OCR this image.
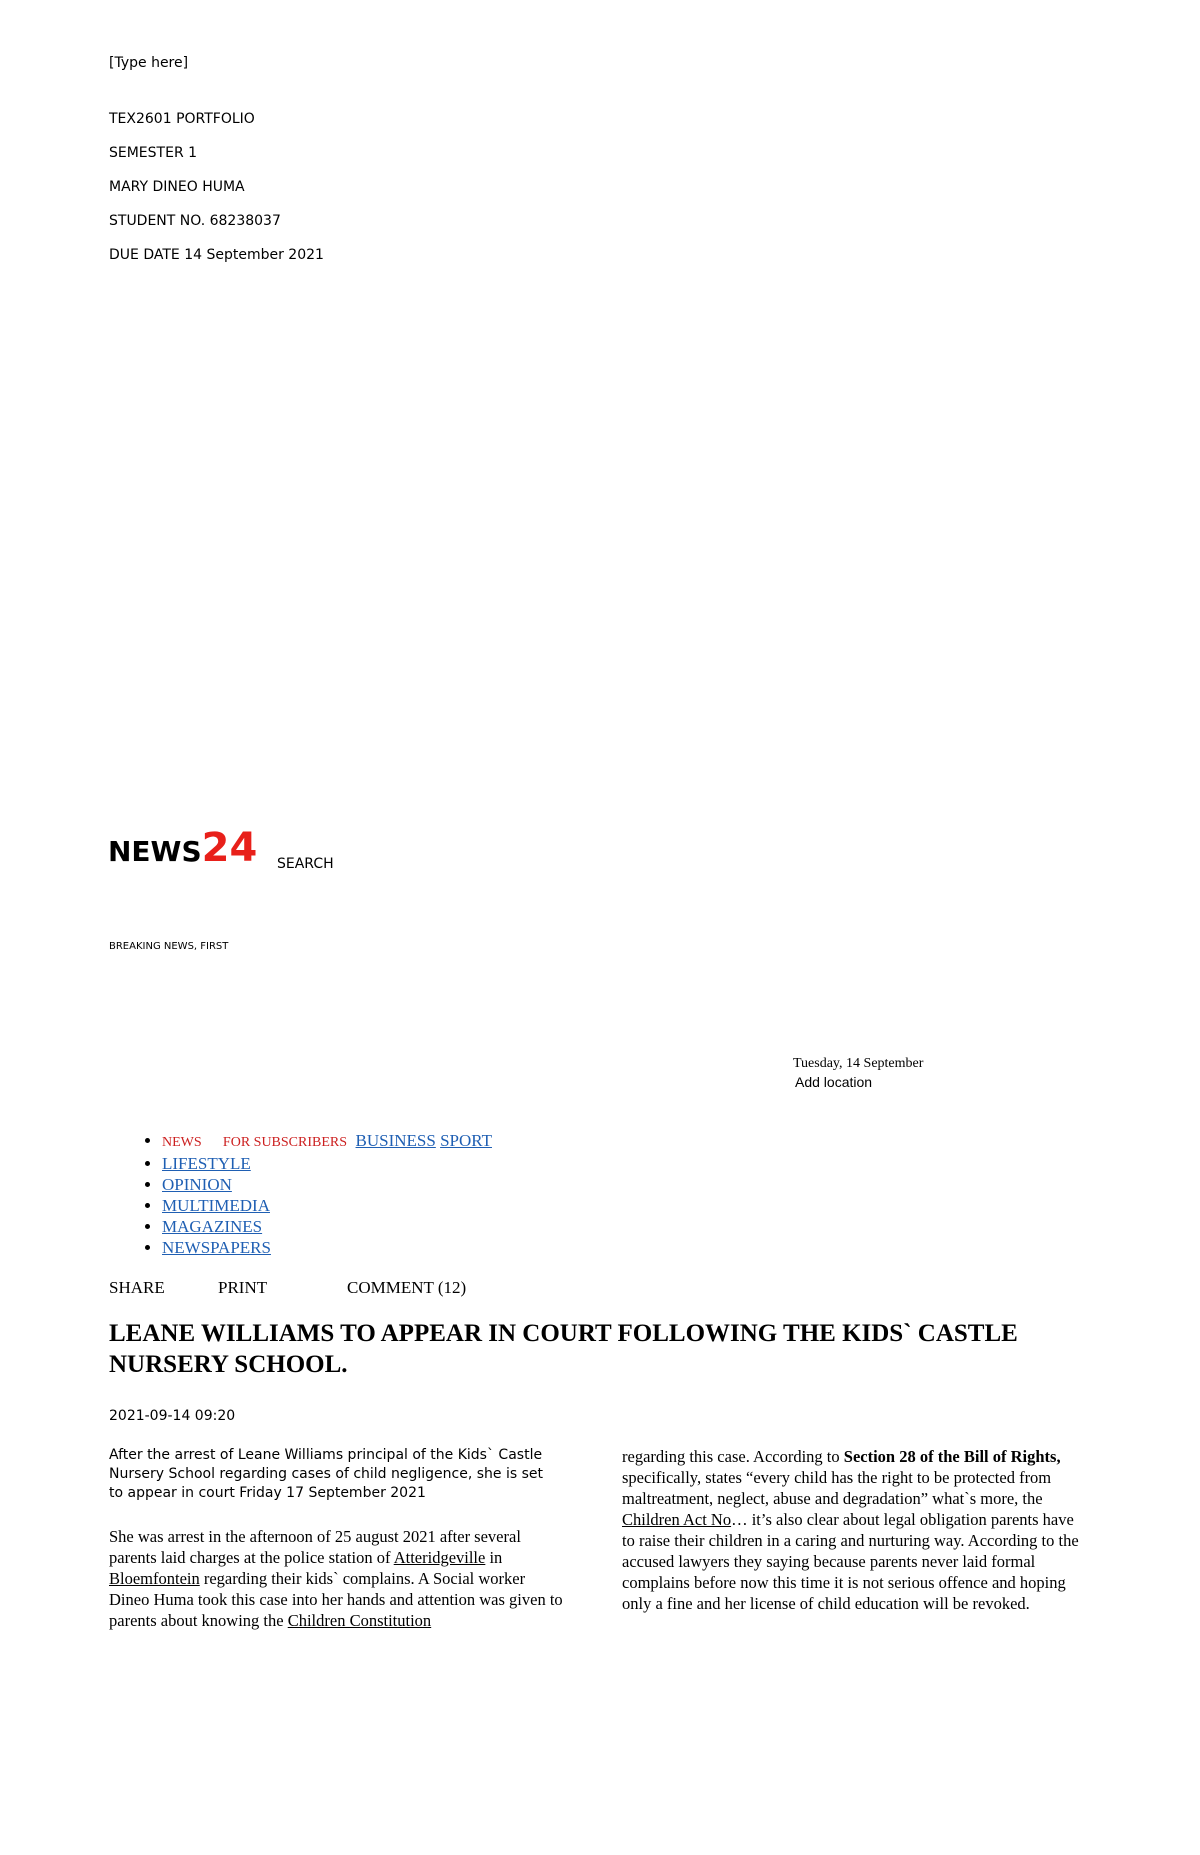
[Type here]
TEX2601 PORTFOLIO
SEMESTER 1
MARY DINEO HUMA
STUDENT NO. 68238037
DUE DATE 14 September 2021
NEWS24 SEARCH
BREAKING NEWS, FIRST
Tuesday, 14 September
Add location
• NEWS FOR SUBSCRIBERS BUSINESS SPORT
• LIFESTYLE
• OPINION
• MULTIMEDIA
• MAGAZINES
• NEWSPAPERS
SHARE	PRINT	COMMENT (12)
LEANE WILLIAMS TO APPEAR IN COURT FOLLOWING THE KIDS` CASTLE NURSERY SCHOOL.
2021-09-14 09:20
After the arrest of Leane Williams principal of the Kids` Castle Nursery School regarding cases of child negligence, she is set to appear in court Friday 17 September 2021
She was arrest in the afternoon of 25 august 2021 after several parents laid charges at the police station of Atteridgeville in Bloemfontein regarding their kids` complains. A Social worker Dineo Huma took this case into her hands and attention was given to parents about knowing the Children Constitution
regarding this case. According to Section 28 of the Bill of Rights, specifically, states “every child has the right to be protected from maltreatment, neglect, abuse and degradation” what`s more, the Children Act No… it’s also clear about legal obligation parents have to raise their children in a caring and nurturing way. According to the accused lawyers they saying because parents never laid formal complains before now this time it is not serious offence and hoping only a fine and her license of child education will be revoked.
